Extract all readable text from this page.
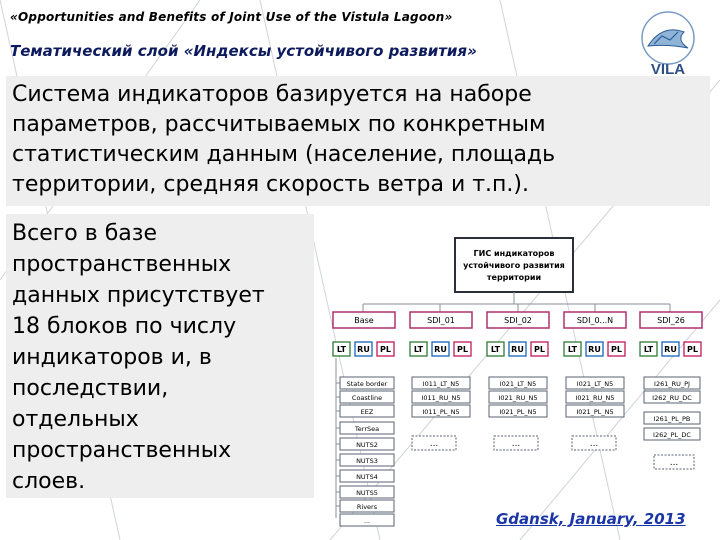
«Opportunities and Benefits of Joint Use of the Vistula Lagoon»
Тематический слой «Индексы устойчивого развития»
VILA
Система индикаторов базируется на наборе
параметров, рассчитываемых по конкретным
статистическим данным (население, площадь
территории, средняя скорость ветра и т.п.).
Всего в базе
пространственных
данных присутствует
18 блоков по числу
индикаторов и, в
последствии,
отдельных
пространственных
слоев.
ГИС индикаторов
устойчивого развития
территории
Base	SDI_01	SDI_02	SDI_0...N	SDI_26
LT RU PL	LT RU PL	LT RU PL	LT RU PL	LT RU PL
State border
Coastline
EEZ
TerrSea
NUTS2
NUTS3
NUTS4
NUTS5
Rivers
...
I011_LT_N5
I011_RU_N5
I011_PL_N5
...
I021_LT_N5
I021_RU_N5
I021_PL_N5
...
I021_LT_N5
I021_RU_N5
I021_PL_N5
...
I261_RU_PJ
I262_RU_DC
I261_PL_PB
I262_PL_DC
...
Gdansk, January, 2013
